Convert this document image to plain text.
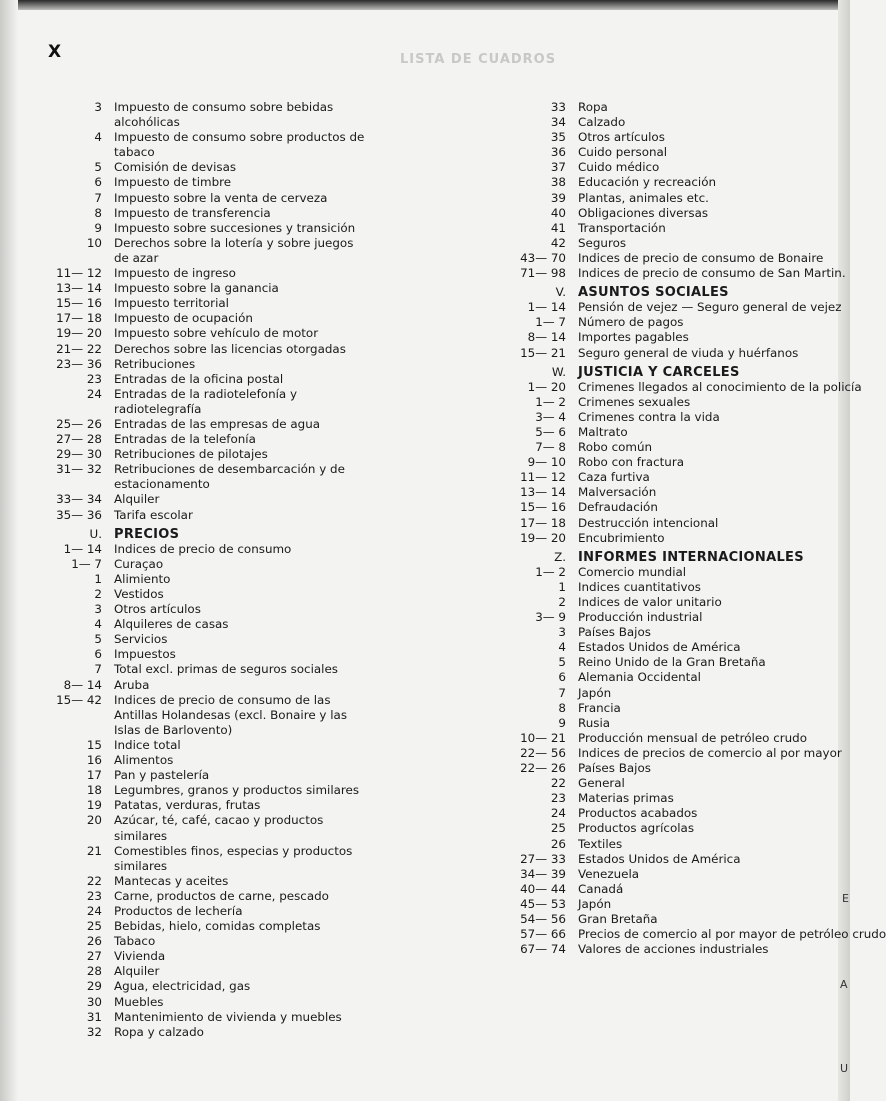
X	LISTA DE CUADROS
E
A
U
3	Impuesto de consumo sobre bebidas alcohólicas
4	Impuesto de consumo sobre productos de tabaco
5	Comisión de devisas
6	Impuesto de timbre
7	Impuesto sobre la venta de cerveza
8	Impuesto de transferencia
9	Impuesto sobre succesiones y transición
10	Derechos sobre la lotería y sobre juegos de azar
11— 12	Impuesto de ingreso
13— 14	Impuesto sobre la ganancia
15— 16	Impuesto territorial
17— 18	Impuesto de ocupación
19— 20	Impuesto sobre vehículo de motor
21— 22	Derechos sobre las licencias otorgadas
23— 36	Retribuciones
23	Entradas de la oficina postal
24	Entradas de la radiotelefonía y radiotelegrafía
25— 26	Entradas de las empresas de agua
27— 28	Entradas de la telefonía
29— 30	Retribuciones de pilotajes
31— 32	Retribuciones de desembarcación y de estacionamento
33— 34	Alquiler
35— 36	Tarifa escolar
U. PRECIOS
1— 14	Indices de precio de consumo
1— 7	Curaçao
1	Alimiento
2	Vestidos
3	Otros artículos
4	Alquileres de casas
5	Servicios
6	Impuestos
7	Total excl. primas de seguros sociales
8— 14	Aruba
15— 42	Indices de precio de consumo de las Antillas Holandesas (excl. Bonaire y las Islas de Barlovento)
15	Indice total
16	Alimentos
17	Pan y pastelería
18	Legumbres, granos y productos similares
19	Patatas, verduras, frutas
20	Azúcar, té, café, cacao y productos similares
21	Comestibles finos, especias y productos similares
22	Mantecas y aceites
23	Carne, productos de carne, pescado
24	Productos de lechería
25	Bebidas, hielo, comidas completas
26	Tabaco
27	Vivienda
28	Alquiler
29	Agua, electricidad, gas
30	Muebles
31	Mantenimiento de vivienda y muebles
32	Ropa y calzado
33	Ropa
34	Calzado
35	Otros artículos
36	Cuido personal
37	Cuido médico
38	Educación y recreación
39	Plantas, animales etc.
40	Obligaciones diversas
41	Transportación
42	Seguros
43— 70	Indices de precio de consumo de Bonaire
71— 98	Indices de precio de consumo de San Martin.
V. ASUNTOS SOCIALES
1— 14	Pensión de vejez — Seguro general de vejez
1— 7	Número de pagos
8— 14	Importes pagables
15— 21	Seguro general de viuda y huérfanos
W. JUSTICIA Y CARCELES
1— 20	Crimenes llegados al conocimiento de la policía
1— 2	Crimenes sexuales
3— 4	Crimenes contra la vida
5— 6	Maltrato
7— 8	Robo común
9— 10	Robo con fractura
11— 12	Caza furtiva
13— 14	Malversación
15— 16	Defraudación
17— 18	Destrucción intencional
19— 20	Encubrimiento
Z. INFORMES INTERNACIONALES
1— 2	Comercio mundial
1	Indices cuantitativos
2	Indices de valor unitario
3— 9	Producción industrial
3	Países Bajos
4	Estados Unidos de América
5	Reino Unido de la Gran Bretaña
6	Alemania Occidental
7	Japón
8	Francia
9	Rusia
10— 21	Producción mensual de petróleo crudo
22— 56	Indices de precios de comercio al por mayor
22— 26	Países Bajos
22	General
23	Materias primas
24	Productos acabados
25	Productos agrícolas
26	Textiles
27— 33	Estados Unidos de América
34— 39	Venezuela
40— 44	Canadá
45— 53	Japón
54— 56	Gran Bretaña
57— 66	Precios de comercio al por mayor de petróleo crudo
67— 74	Valores de acciones industriales
